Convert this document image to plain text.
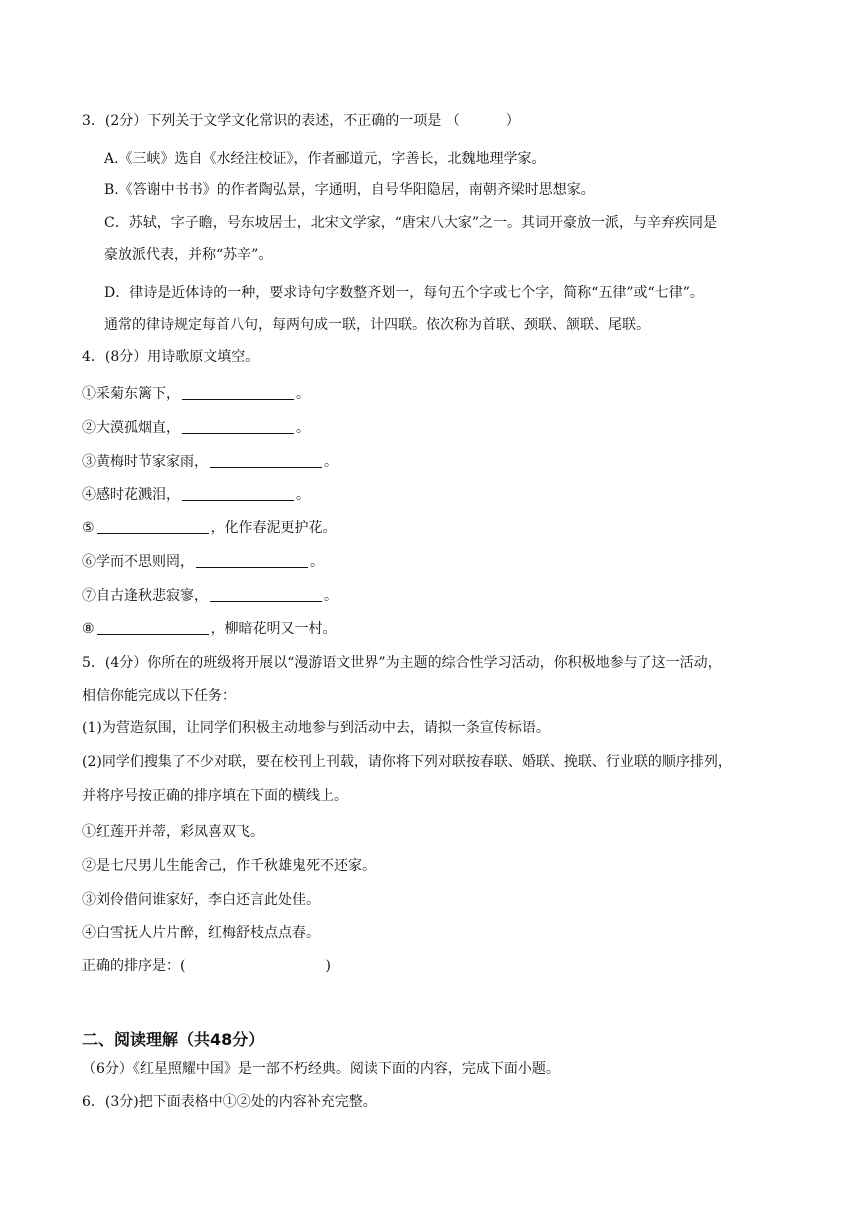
3．(2分）下列关于文学文化常识的表述，不正确的一项是 （	）
A.《三峡》选自《水经注校证》，作者郦道元，字善长，北魏地理学家。
B.《答谢中书书》的作者陶弘景，字通明，自号华阳隐居，南朝齐梁时思想家。
C．苏轼，字子瞻，号东坡居士，北宋文学家，“唐宋八大家”之一。其词开豪放一派，与辛弃疾同是
豪放派代表，并称“苏辛”。
D．律诗是近体诗的一种，要求诗句字数整齐划一，每句五个字或七个字，简称“五律”或“七律”。
通常的律诗规定每首八句，每两句成一联，计四联。依次称为首联、颈联、颔联、尾联。
4．(8分）用诗歌原文填空。
①采菊东篱下，	。
②大漠孤烟直，	。
③黄梅时节家家雨，	。
④感时花溅泪，	。
⑤	，化作春泥更护花。
⑥学而不思则罔，	。
⑦自古逢秋悲寂寥，	。
⑧	，柳暗花明又一村。
5．(4分）你所在的班级将开展以“漫游语文世界”为主题的综合性学习活动，你积极地参与了这一活动，
相信你能完成以下任务：
(1)为营造氛围，让同学们积极主动地参与到活动中去，请拟一条宣传标语。
(2)同学们搜集了不少对联，要在校刊上刊载，请你将下列对联按春联、婚联、挽联、行业联的顺序排列，
并将序号按正确的排序填在下面的横线上。
①红莲开并蒂，彩凤喜双飞。
②是七尺男儿生能舍己，作千秋雄鬼死不还家。
③刘伶借问谁家好，李白还言此处佳。
④白雪抚人片片醉，红梅舒枝点点春。
正确的排序是：(	)
二、阅读理解（共48分）
（6分）《红星照耀中国》是一部不朽经典。阅读下面的内容，完成下面小题。
6．(3分)把下面表格中①②处的内容补充完整。
